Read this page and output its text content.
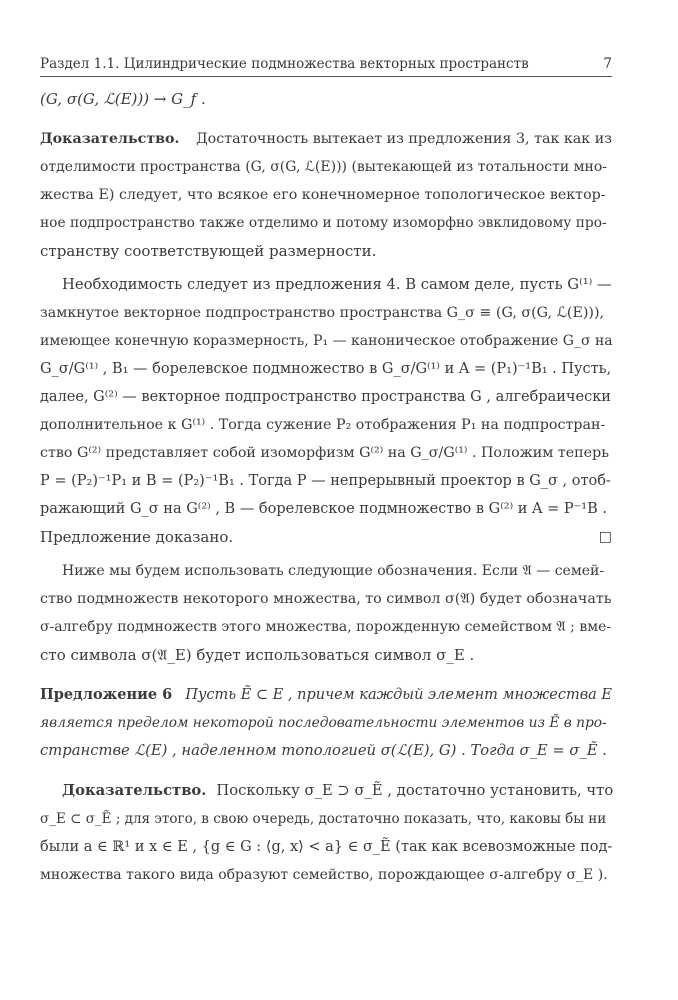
Раздел 1.1. Цилиндрические подмножества векторных пространств	7
(G, σ(G, ℒ(E))) → G_f .
Доказательство. Достаточность вытекает из предложения 3, так как из
отделимости пространства (G, σ(G, ℒ(E))) (вытекающей из тотальности мно-
жества E) следует, что всякое его конечномерное топологическое вектор-
ное подпространство также отделимо и потому изоморфно эвклидовому про-
странству соответствующей размерности.
Необходимость следует из предложения 4. В самом деле, пусть G⁽¹⁾ —
замкнутое векторное подпространство пространства G_σ ≡ (G, σ(G, ℒ(E))),
имеющее конечную коразмерность, P₁ — каноническое отображение G_σ на
G_σ/G⁽¹⁾ , B₁ — борелевское подмножество в G_σ/G⁽¹⁾ и A = (P₁)⁻¹B₁ . Пусть,
далее, G⁽²⁾ — векторное подпространство пространства G , алгебраически
дополнительное к G⁽¹⁾ . Тогда сужение P₂ отображения P₁ на подпростран-
ство G⁽²⁾ представляет собой изоморфизм G⁽²⁾ на G_σ/G⁽¹⁾ . Положим теперь
P = (P₂)⁻¹P₁ и B = (P₂)⁻¹B₁ . Тогда P — непрерывный проектор в G_σ , отоб-
ражающий G_σ на G⁽²⁾ , B — борелевское подмножество в G⁽²⁾ и A = P⁻¹B .
Предложение доказано.	□
Ниже мы будем использовать следующие обозначения. Если 𝔄 — семей-
ство подмножеств некоторого множества, то символ σ(𝔄) будет обозначать
σ-алгебру подмножеств этого множества, порожденную семейством 𝔄 ; вме-
сто символа σ(𝔄_E) будет использоваться символ σ_E .
Предложение 6 Пусть Ẽ ⊂ E , причем каждый элемент множества E
является пределом некоторой последовательности элементов из Ẽ в про-
странстве ℒ(E) , наделенном топологией σ(ℒ(E), G) . Тогда σ_E = σ_Ẽ .
Доказательство. Поскольку σ_E ⊃ σ_Ẽ , достаточно установить, что
σ_E ⊂ σ_Ẽ ; для этого, в свою очередь, достаточно показать, что, каковы бы ни
были a ∈ ℝ¹ и x ∈ E , {g ∈ G : ⟨g, x⟩ < a} ∈ σ_Ẽ (так как всевозможные под-
множества такого вида образуют семейство, порождающее σ-алгебру σ_E ).
